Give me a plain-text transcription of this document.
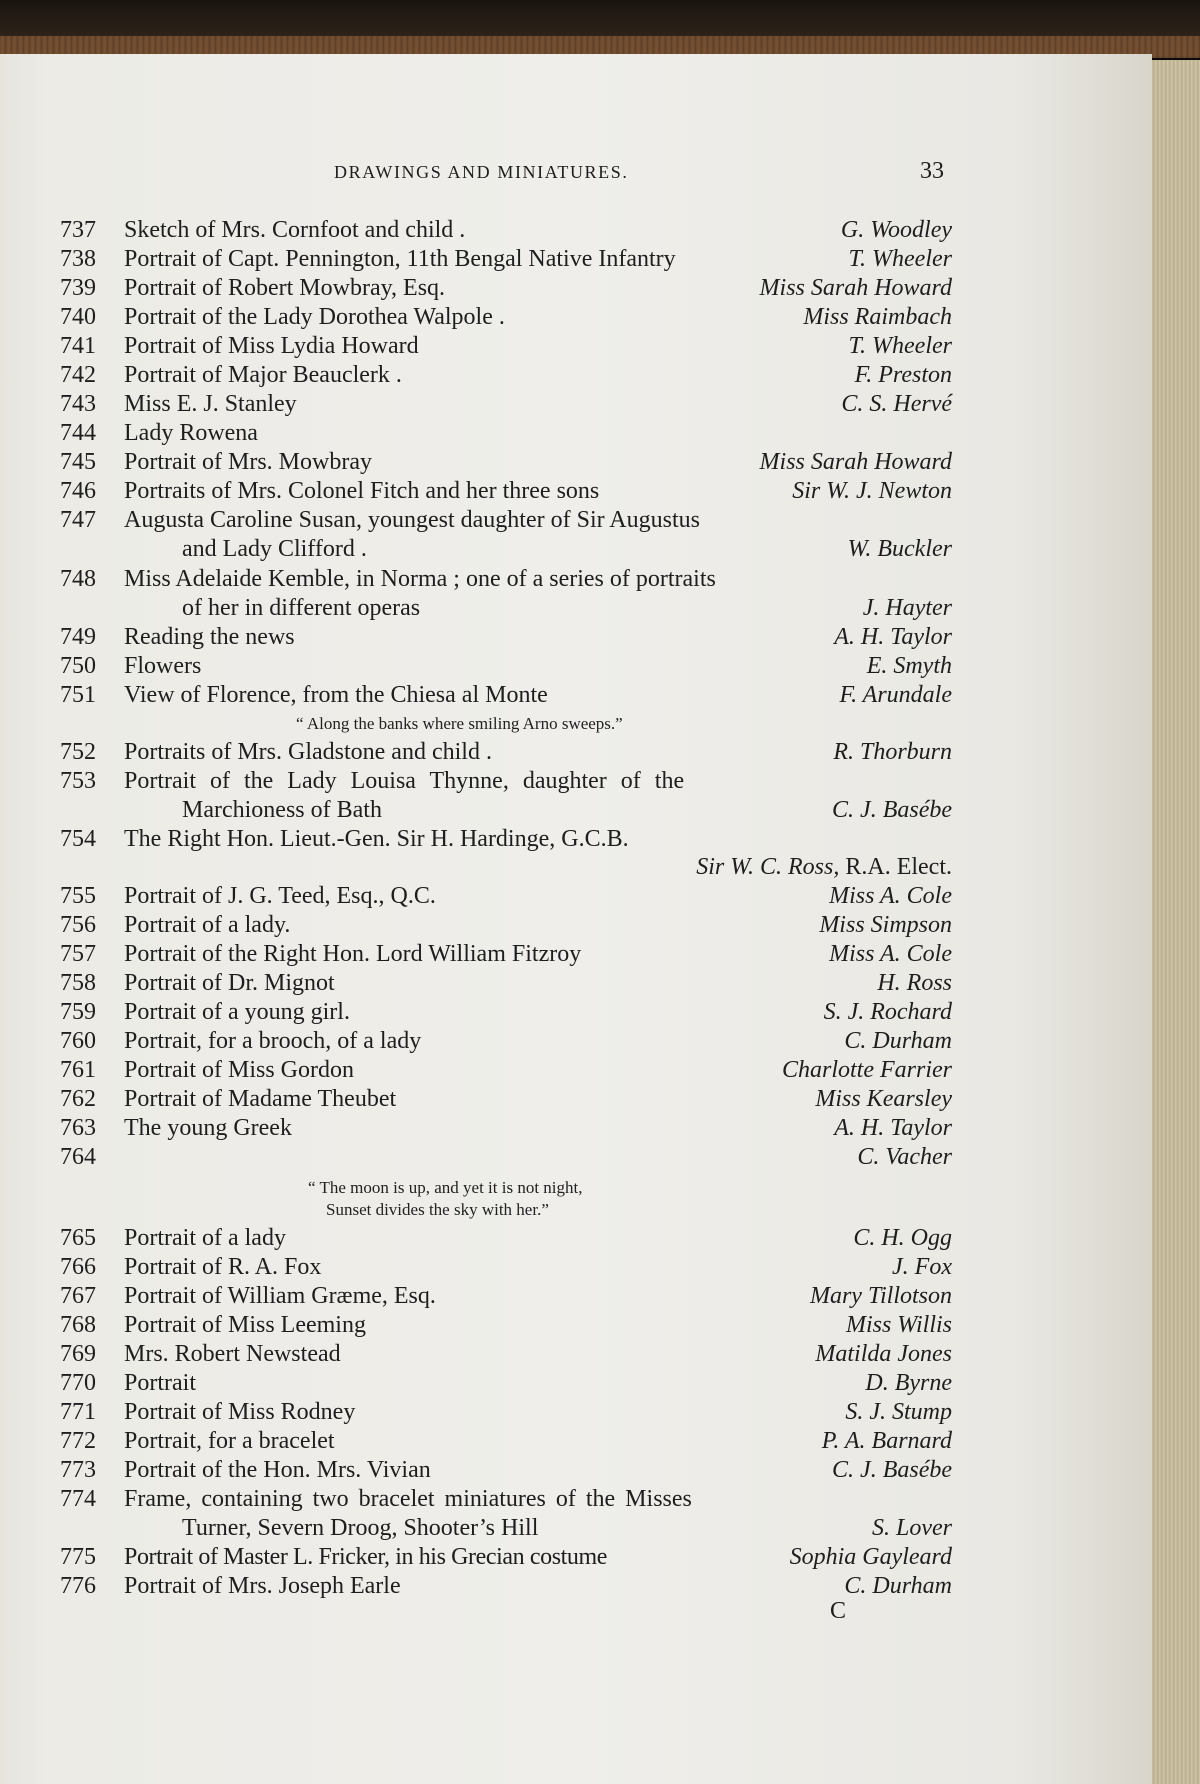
DRAWINGS AND MINIATURES.	33
737 Sketch of Mrs. Cornfoot and child .	G. Woodley
738 Portrait of Capt. Pennington, 11th Bengal Native Infantry	T. Wheeler
739 Portrait of Robert Mowbray, Esq.	Miss Sarah Howard
740 Portrait of the Lady Dorothea Walpole .	Miss Raimbach
741 Portrait of Miss Lydia Howard	T. Wheeler
742 Portrait of Major Beauclerk .	F. Preston
743 Miss E. J. Stanley	C. S. Hervé
744 Lady Rowena
745 Portrait of Mrs. Mowbray	Miss Sarah Howard
746 Portraits of Mrs. Colonel Fitch and her three sons	Sir W. J. Newton
747 Augusta Caroline Susan, youngest daughter of Sir Augustus
and Lady Clifford .	W. Buckler
748 Miss Adelaide Kemble, in Norma ; one of a series of portraits
of her in different operas	J. Hayter
749 Reading the news	A. H. Taylor
750 Flowers	E. Smyth
751 View of Florence, from the Chiesa al Monte	F. Arundale
“ Along the banks where smiling Arno sweeps.”
752 Portraits of Mrs. Gladstone and child .	R. Thorburn
753 Portrait of the Lady Louisa Thynne, daughter of the
Marchioness of Bath	C. J. Basébe
754 The Right Hon. Lieut.-Gen. Sir H. Hardinge, G.C.B.
Sir W. C. Ross, R.A. Elect.
755 Portrait of J. G. Teed, Esq., Q.C.	Miss A. Cole
756 Portrait of a lady.	Miss Simpson
757 Portrait of the Right Hon. Lord William Fitzroy	Miss A. Cole
758 Portrait of Dr. Mignot	H. Ross
759 Portrait of a young girl.	S. J. Rochard
760 Portrait, for a brooch, of a lady	C. Durham
761 Portrait of Miss Gordon	Charlotte Farrier
762 Portrait of Madame Theubet	Miss Kearsley
763 The young Greek	A. H. Taylor
764	C. Vacher
“ The moon is up, and yet it is not night,
Sunset divides the sky with her.”
765 Portrait of a lady	C. H. Ogg
766 Portrait of R. A. Fox	J. Fox
767 Portrait of William Græme, Esq.	Mary Tillotson
768 Portrait of Miss Leeming	Miss Willis
769 Mrs. Robert Newstead	Matilda Jones
770 Portrait	D. Byrne
771 Portrait of Miss Rodney	S. J. Stump
772 Portrait, for a bracelet	P. A. Barnard
773 Portrait of the Hon. Mrs. Vivian	C. J. Basébe
774 Frame, containing two bracelet miniatures of the Misses
Turner, Severn Droog, Shooter’s Hill	S. Lover
775 Portrait of Master L. Fricker, in his Grecian costume	Sophia Gayleard
776 Portrait of Mrs. Joseph Earle	C. Durham
C
